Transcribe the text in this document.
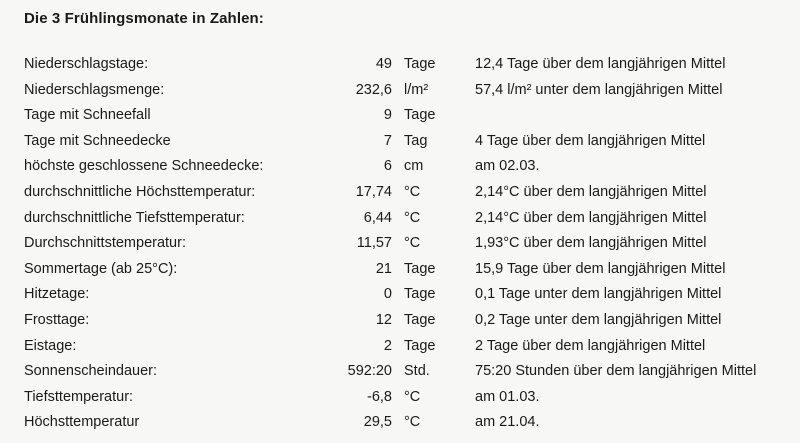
Die 3 Frühlingsmonate in Zahlen:
Niederschlagstage:	49 Tage	12,4 Tage über dem langjährigen Mittel
Niederschlagsmenge:	232,6 l/m²	57,4 l/m² unter dem langjährigen Mittel
Tage mit Schneefall	9 Tage
Tage mit Schneedecke	7 Tag	4 Tage über dem langjährigen Mittel
höchste geschlossene Schneedecke:	6 cm	am 02.03.
durchschnittliche Höchsttemperatur:	17,74 °C	2,14°C über dem langjährigen Mittel
durchschnittliche Tiefsttemperatur:	6,44 °C	2,14°C über dem langjährigen Mittel
Durchschnittstemperatur:	11,57 °C	1,93°C über dem langjährigen Mittel
Sommertage (ab 25°C):	21 Tage	15,9 Tage über dem langjährigen Mittel
Hitzetage:	0 Tage	0,1 Tage unter dem langjährigen Mittel
Frosttage:	12 Tage	0,2 Tage unter dem langjährigen Mittel
Eistage:	2 Tage	2 Tage über dem langjährigen Mittel
Sonnenscheindauer:	592:20 Std.	75:20 Stunden über dem langjährigen Mittel
Tiefsttemperatur:	-6,8 °C	am 01.03.
Höchsttemperatur	29,5 °C	am 21.04.
